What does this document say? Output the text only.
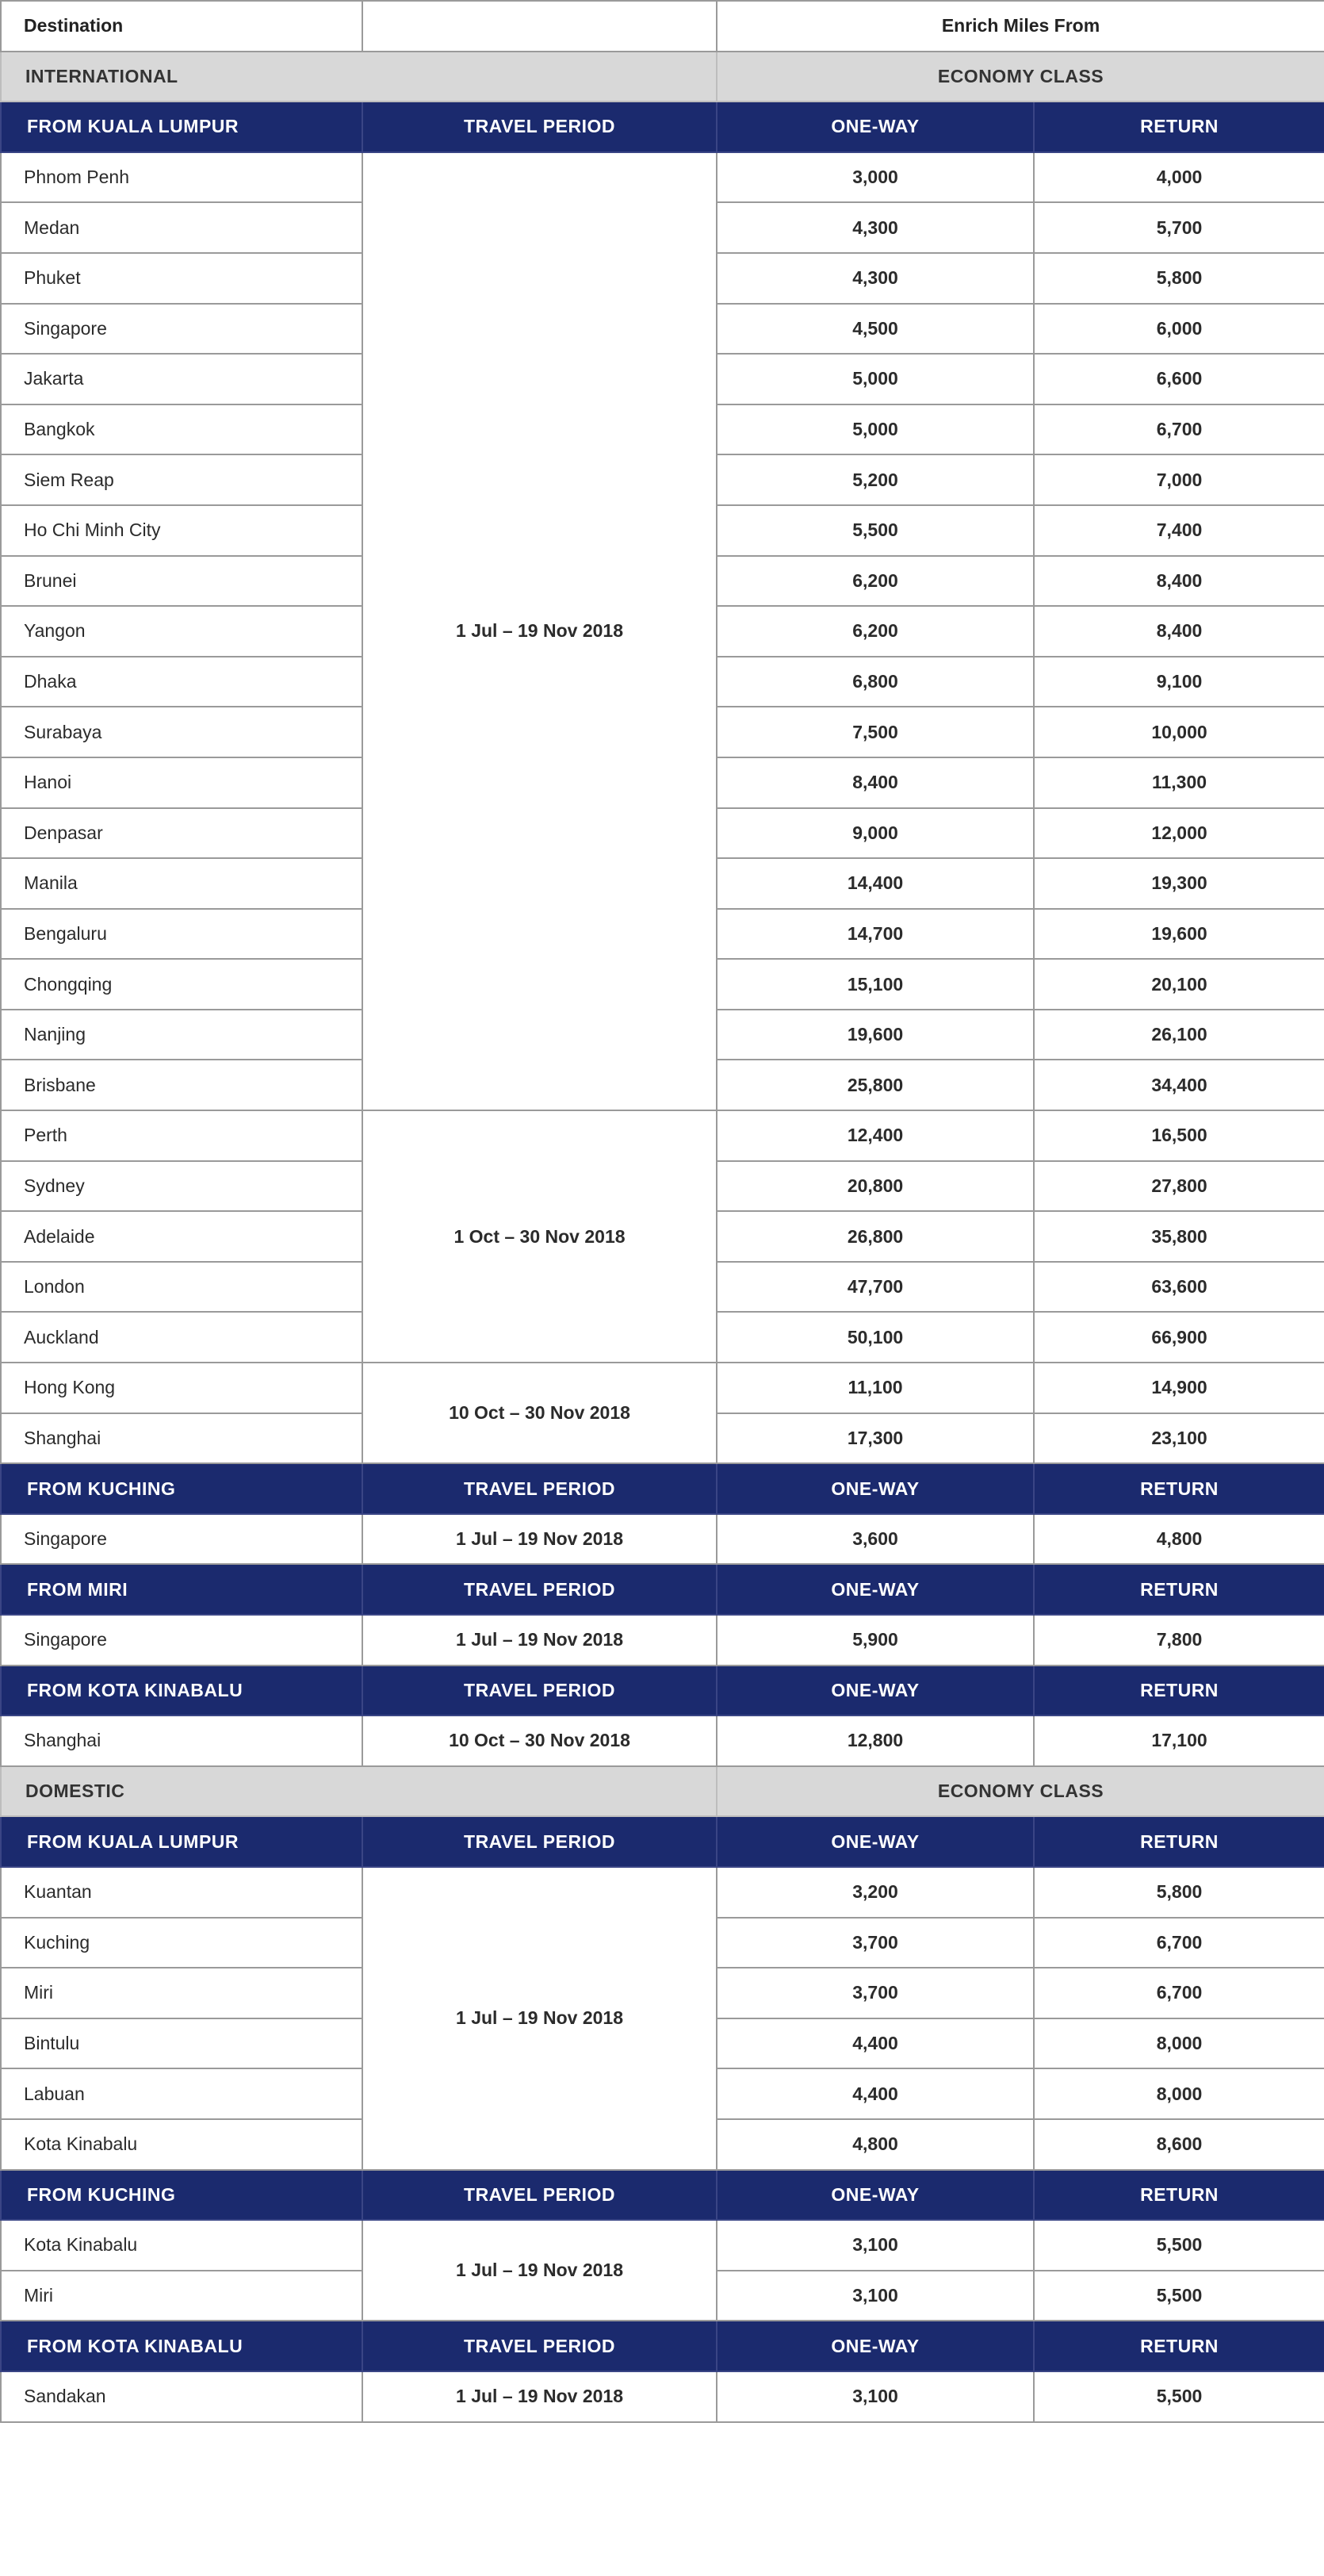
Destination		Enrich Miles From	
INTERNATIONAL		ECONOMY CLASS	
FROM KUALA LUMPUR	TRAVEL PERIOD	ONE-WAY	RETURN
Phnom Penh	1 Jul – 19 Nov 2018	3,000	4,000
Medan		4,300	5,700
Phuket		4,300	5,800
Singapore		4,500	6,000
Jakarta		5,000	6,600
Bangkok		5,000	6,700
Siem Reap		5,200	7,000
Ho Chi Minh City		5,500	7,400
Brunei		6,200	8,400
Yangon		6,200	8,400
Dhaka		6,800	9,100
Surabaya		7,500	10,000
Hanoi		8,400	11,300
Denpasar		9,000	12,000
Manila		14,400	19,300
Bengaluru		14,700	19,600
Chongqing		15,100	20,100
Nanjing		19,600	26,100
Brisbane		25,800	34,400
Perth	1 Oct – 30 Nov 2018	12,400	16,500
Sydney		20,800	27,800
Adelaide		26,800	35,800
London		47,700	63,600
Auckland		50,100	66,900
Hong Kong	10 Oct – 30 Nov 2018	11,100	14,900
Shanghai		17,300	23,100
FROM KUCHING	TRAVEL PERIOD	ONE-WAY	RETURN
Singapore	1 Jul – 19 Nov 2018	3,600	4,800
FROM MIRI	TRAVEL PERIOD	ONE-WAY	RETURN
Singapore	1 Jul – 19 Nov 2018	5,900	7,800
FROM KOTA KINABALU	TRAVEL PERIOD	ONE-WAY	RETURN
Shanghai	10 Oct – 30 Nov 2018	12,800	17,100
DOMESTIC		ECONOMY CLASS	
FROM KUALA LUMPUR	TRAVEL PERIOD	ONE-WAY	RETURN
Kuantan	1 Jul – 19 Nov 2018	3,200	5,800
Kuching		3,700	6,700
Miri		3,700	6,700
Bintulu		4,400	8,000
Labuan		4,400	8,000
Kota Kinabalu		4,800	8,600
FROM KUCHING	TRAVEL PERIOD	ONE-WAY	RETURN
Kota Kinabalu	1 Jul – 19 Nov 2018	3,100	5,500
Miri		3,100	5,500
FROM KOTA KINABALU	TRAVEL PERIOD	ONE-WAY	RETURN
Sandakan	1 Jul – 19 Nov 2018	3,100	5,500
